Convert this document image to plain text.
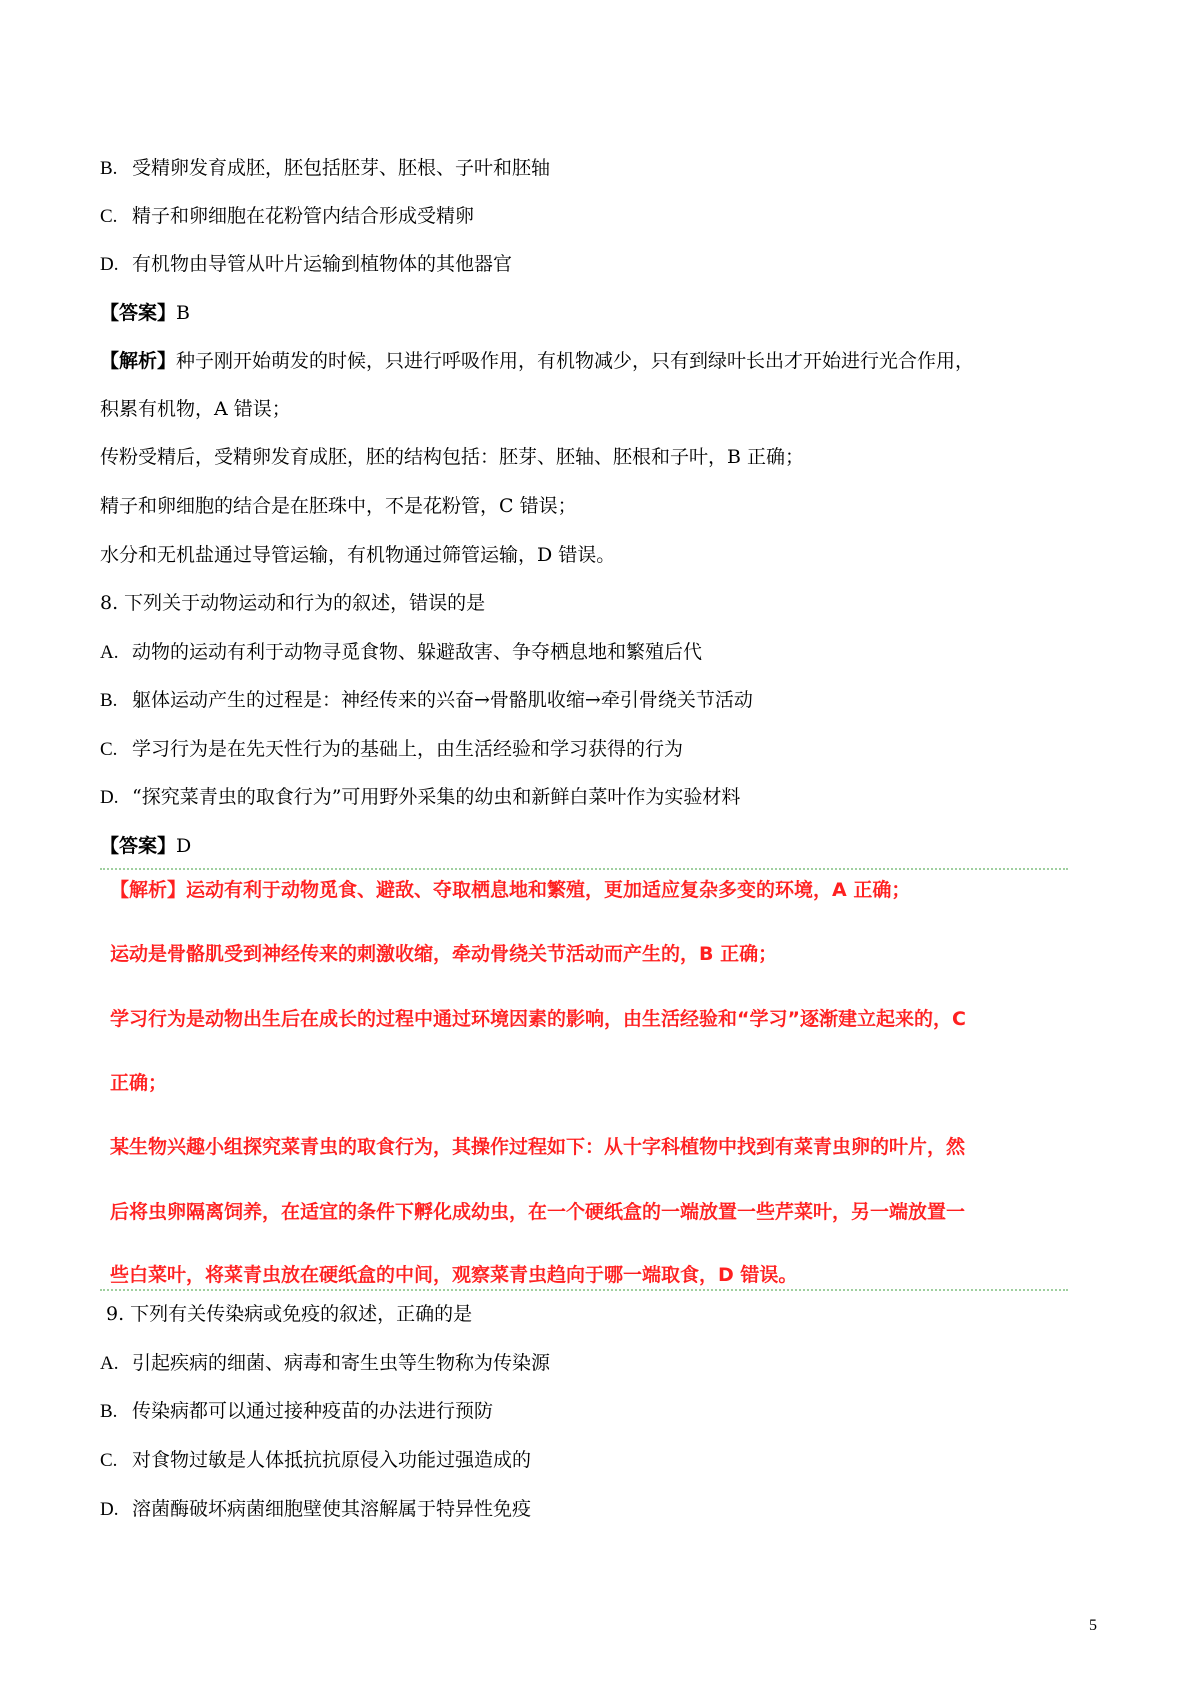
B. 受精卵发育成胚，胚包括胚芽、胚根、子叶和胚轴
C. 精子和卵细胞在花粉管内结合形成受精卵
D. 有机物由导管从叶片运输到植物体的其他器官
【答案】B
【解析】种子刚开始萌发的时候，只进行呼吸作用，有机物减少，只有到绿叶长出才开始进行光合作用，
积累有机物，A 错误；
传粉受精后，受精卵发育成胚，胚的结构包括：胚芽、胚轴、胚根和子叶，B 正确；
精子和卵细胞的结合是在胚珠中，不是花粉管，C 错误；
水分和无机盐通过导管运输，有机物通过筛管运输，D 错误。
8. 下列关于动物运动和行为的叙述，错误的是
A. 动物的运动有利于动物寻觅食物、躲避敌害、争夺栖息地和繁殖后代
B. 躯体运动产生的过程是：神经传来的兴奋→骨骼肌收缩→牵引骨绕关节活动
C. 学习行为是在先天性行为的基础上，由生活经验和学习获得的行为
D. “探究菜青虫的取食行为”可用野外采集的幼虫和新鲜白菜叶作为实验材料
【答案】D
【解析】运动有利于动物觅食、避敌、夺取栖息地和繁殖，更加适应复杂多变的环境，A 正确；
运动是骨骼肌受到神经传来的刺激收缩，牵动骨绕关节活动而产生的，B 正确；
学习行为是动物出生后在成长的过程中通过环境因素的影响，由生活经验和“学习”逐渐建立起来的，C
正确；
某生物兴趣小组探究菜青虫的取食行为，其操作过程如下：从十字科植物中找到有菜青虫卵的叶片，然
后将虫卵隔离饲养，在适宜的条件下孵化成幼虫，在一个硬纸盒的一端放置一些芹菜叶，另一端放置一
些白菜叶，将菜青虫放在硬纸盒的中间，观察菜青虫趋向于哪一端取食，D 错误。
9. 下列有关传染病或免疫的叙述，正确的是
A. 引起疾病的细菌、病毒和寄生虫等生物称为传染源
B. 传染病都可以通过接种疫苗的办法进行预防
C. 对食物过敏是人体抵抗抗原侵入功能过强造成的
D. 溶菌酶破坏病菌细胞壁使其溶解属于特异性免疫
5
